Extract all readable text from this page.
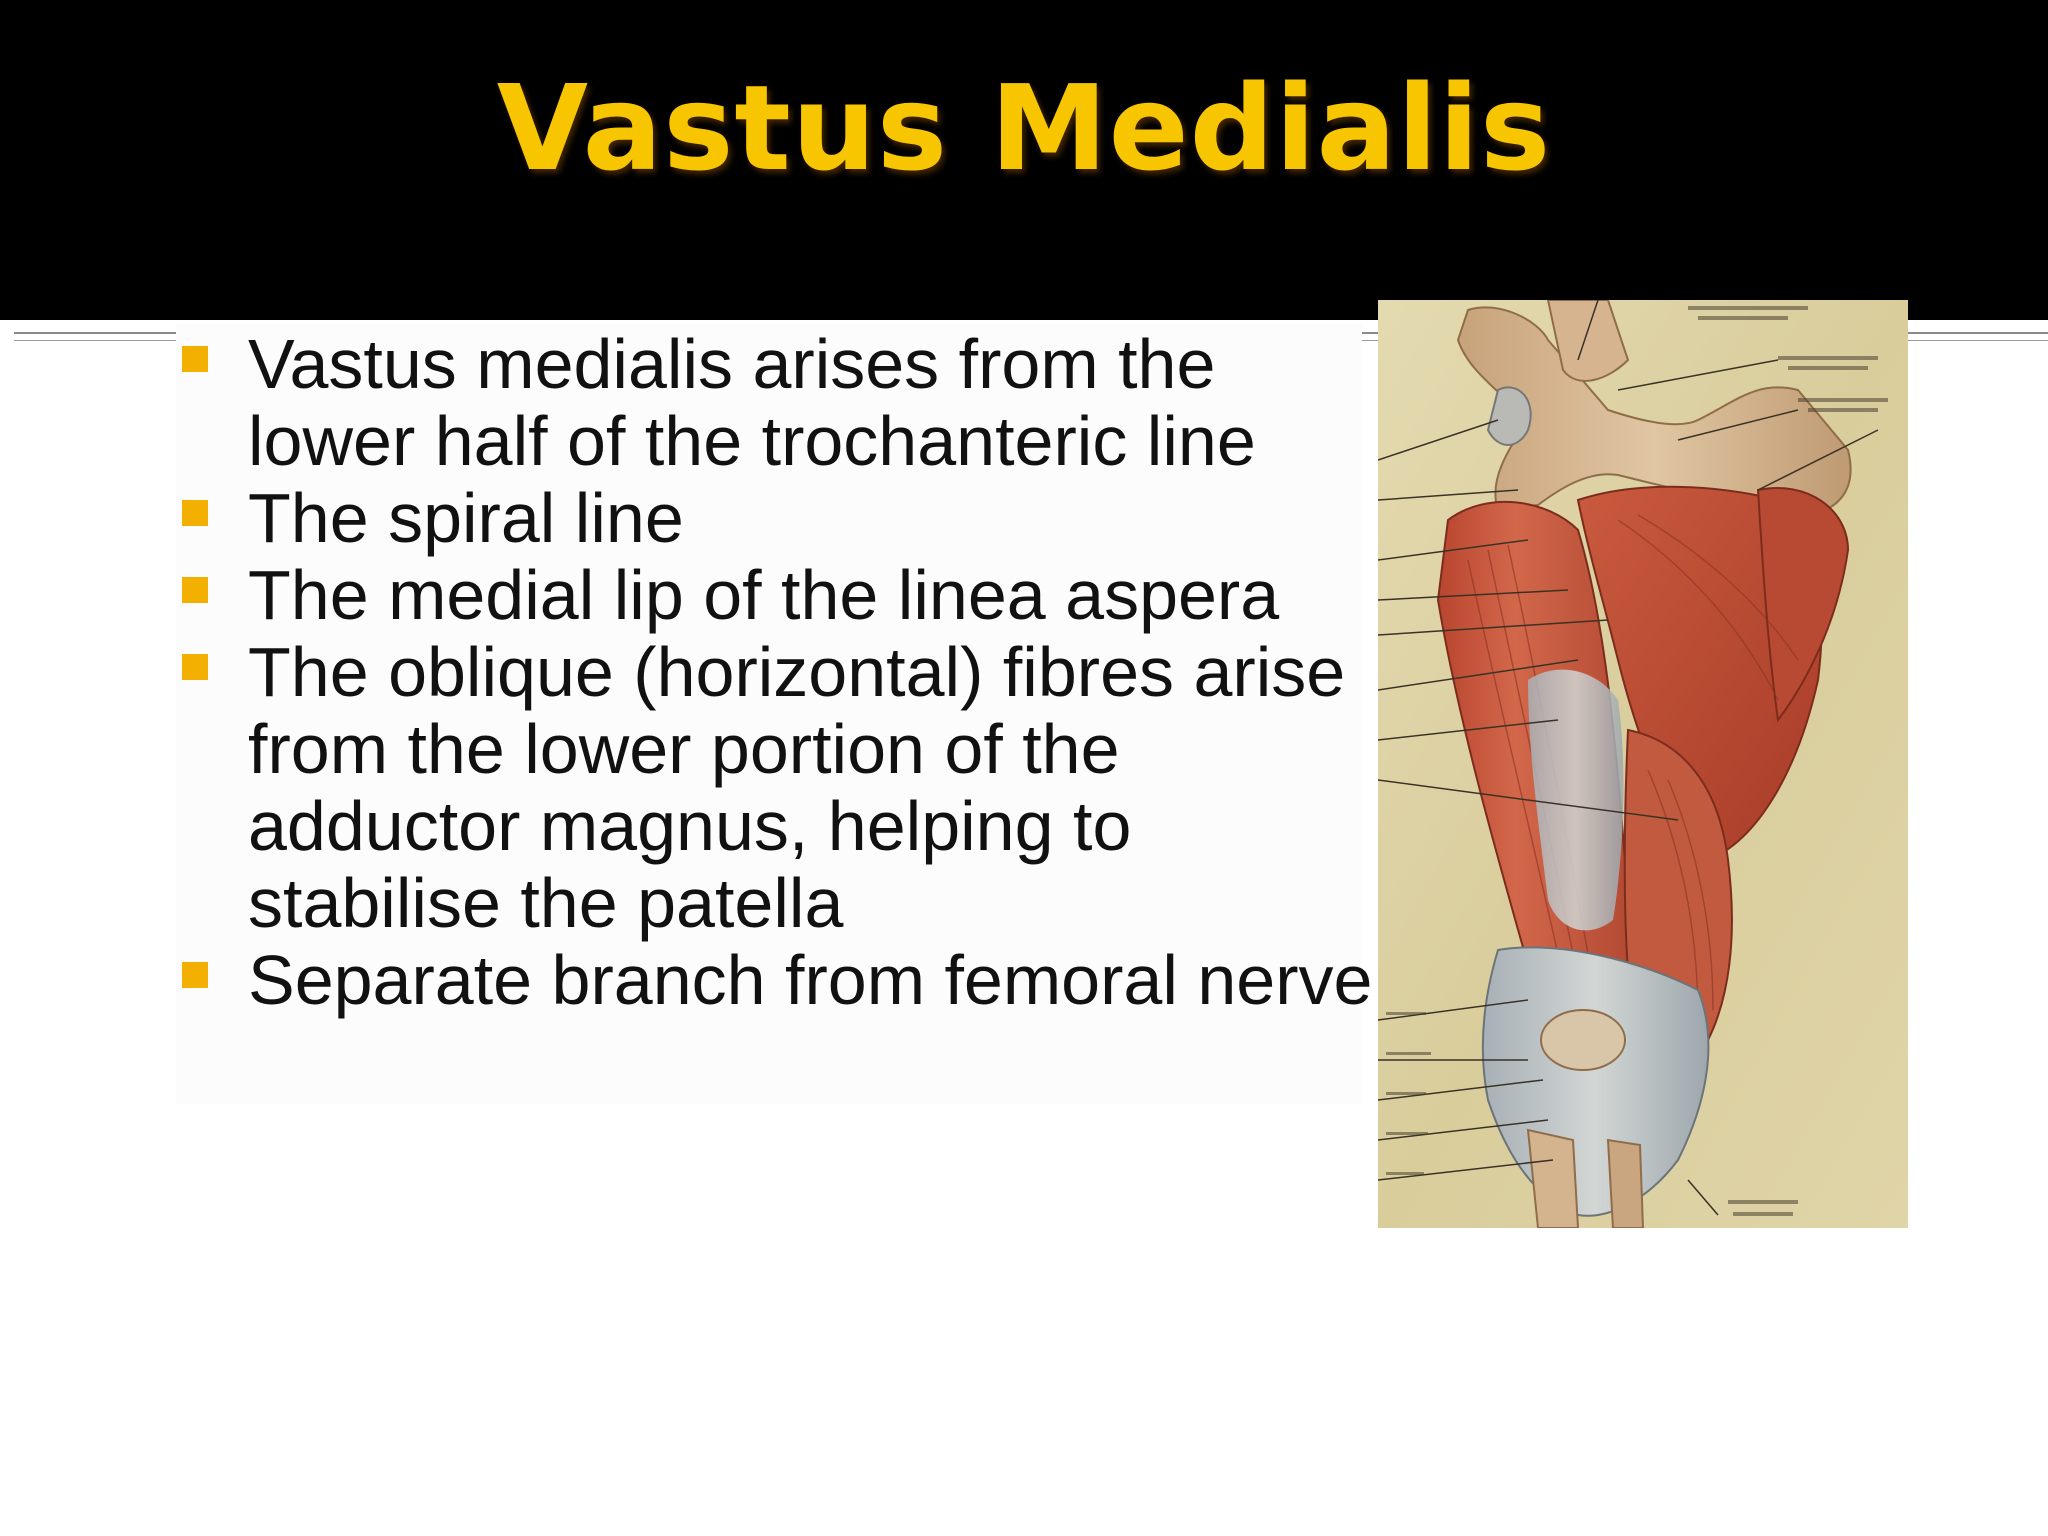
Vastus Medialis
Vastus medialis arises from the lower half of the trochanteric line
The spiral line
The medial lip of the linea aspera
The oblique (horizontal) fibres arise from the lower portion of the adductor magnus, helping to stabilise the patella
Separate branch from femoral nerve
